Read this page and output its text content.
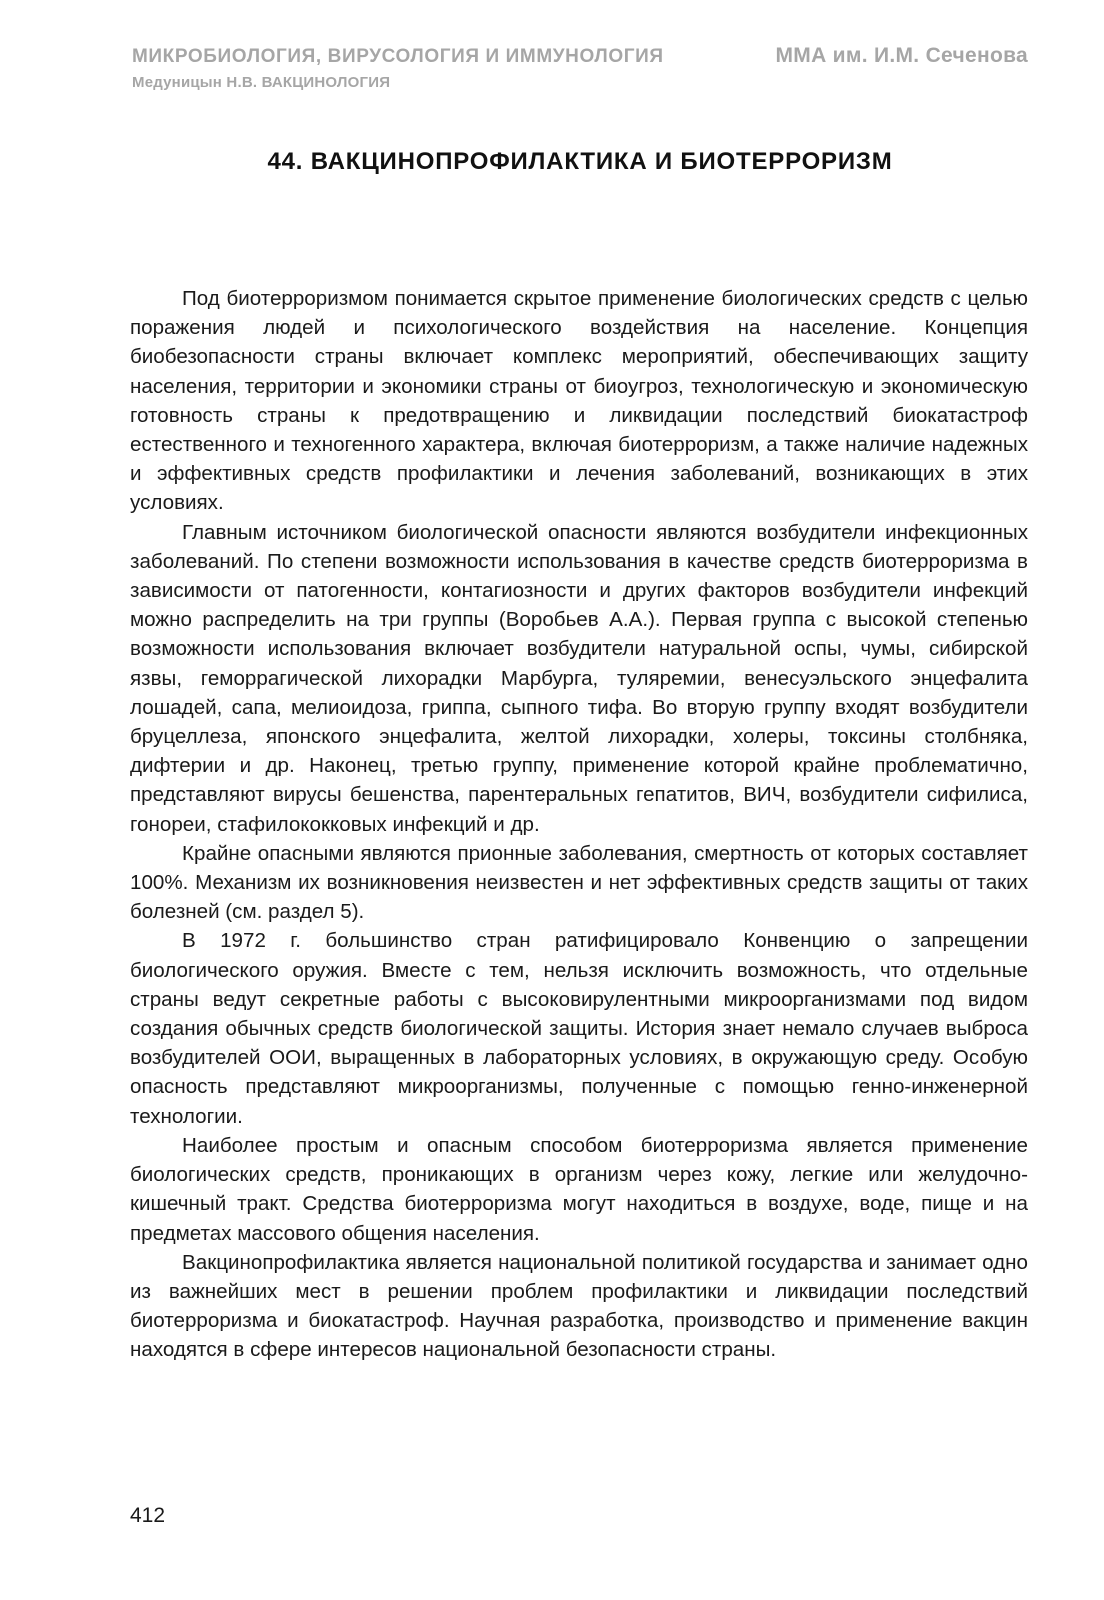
МИКРОБИОЛОГИЯ, ВИРУСОЛОГИЯ И ИММУНОЛОГИЯ	ММА им. И.М. Сеченова
Медуницын Н.В. ВАКЦИНОЛОГИЯ
44. ВАКЦИНОПРОФИЛАКТИКА И БИОТЕРРОРИЗМ

Под биотерроризмом понимается скрытое применение биологических средств с целью поражения людей и психологического воздействия на население. Концепция биобезопасности страны включает комплекс мероприятий, обеспечивающих защиту населения, территории и экономики страны от биоугроз, технологическую и экономическую готовность страны к предотвращению и ликвидации последствий биокатастроф естественного и техногенного характера, включая биотерроризм, а также наличие надежных и эффективных средств профилактики и лечения заболеваний, возникающих в этих условиях.

Главным источником биологической опасности являются возбудители инфекционных заболеваний. По степени возможности использования в качестве средств биотерроризма в зависимости от патогенности, контагиозности и других факторов возбудители инфекций можно распределить на три группы (Воробьев А.А.). Первая группа с высокой степенью возможности использования включает возбудители натуральной оспы, чумы, сибирской язвы, геморрагической лихорадки Марбурга, туляремии, венесуэльского энцефалита лошадей, сапа, мелиоидоза, гриппа, сыпного тифа. Во вторую группу входят возбудители бруцеллеза, японского энцефалита, желтой лихорадки, холеры, токсины столбняка, дифтерии и др. Наконец, третью группу, применение которой крайне проблематично, представляют вирусы бешенства, парентеральных гепатитов, ВИЧ, возбудители сифилиса, гонореи, стафилококковых инфекций и др.

Крайне опасными являются прионные заболевания, смертность от которых составляет 100%. Механизм их возникновения неизвестен и нет эффективных средств защиты от таких болезней (см. раздел 5).

В 1972 г. большинство стран ратифицировало Конвенцию о запрещении биологического оружия. Вместе с тем, нельзя исключить возможность, что отдельные страны ведут секретные работы с высоковирулентными микроорганизмами под видом создания обычных средств биологической защиты. История знает немало случаев выброса возбудителей ООИ, выращенных в лабораторных условиях, в окружающую среду. Особую опасность представляют микроорганизмы, полученные с помощью генно-инженерной технологии.

Наиболее простым и опасным способом биотерроризма является применение биологических средств, проникающих в организм через кожу, легкие или желудочно-кишечный тракт. Средства биотерроризма могут находиться в воздухе, воде, пище и на предметах массового общения населения.

Вакцинопрофилактика является национальной политикой государства и занимает одно из важнейших мест в решении проблем профилактики и ликвидации последствий биотерроризма и биокатастроф. Научная разработка, производство и применение вакцин находятся в сфере интересов национальной безопасности страны.

412
